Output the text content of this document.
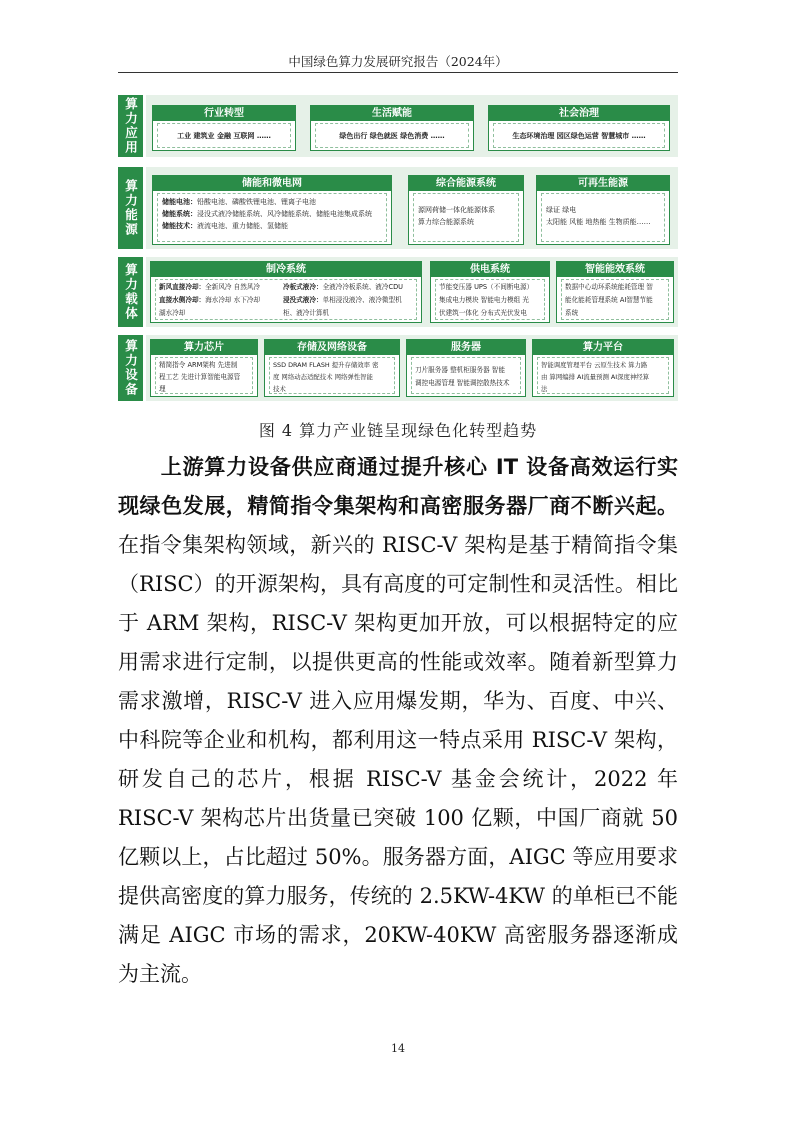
中国绿色算力发展研究报告（2024年）
算力应用	行业转型
工业 建筑业 金融 互联网 ……
生活赋能
绿色出行 绿色就医 绿色消费 ……
社会治理
生态环境治理 园区绿色运营 智慧城市 ……
算力能源	储能和微电网
储能电池：铅酸电池、磷酸铁锂电池、锂离子电池
储能系统：浸没式液冷储能系统、风冷储能系统、储能电池集成系统
储能技术：液流电池、重力储能、氢储能
综合能源系统
源网荷储一体化能源体系
算力综合能源系统
可再生能源
绿证 绿电
太阳能 风能 地热能 生物质能……
算力载体	制冷系统
新风直接冷却：全新风冷 自然风冷	冷板式液冷：全液冷冷板系统、液冷CDU
直接水侧冷却：海水冷却 水下冷却	浸没式液冷：单相浸没液冷、液冷微型机
湖水冷却	柜、液冷计算机
供电系统
节能变压器 UPS（不间断电源）
集成电力模块 智能电力模组 光
伏建筑一体化 分布式光伏发电
智能能效系统
数据中心动环系统能耗管理 智
能化能耗管理系统 AI智慧节能
系统
算力设备	算力芯片
精简指令 ARM架构 先进制
程工艺 先进计算智能电源管
理
存储及网络设备
SSD DRAM FLASH 提升存储效率 密
度 网络动态适配技术 网络弹性智能
技术
服务器
刀片服务器 整机柜服务器 智能
调控电源管理 智能调控散热技术
算力平台
智能调度管理平台 云原生技术 算力路
由 算网编排 AI流量预测 AI深度神经算
法
图 4 算力产业链呈现绿色化转型趋势

上游算力设备供应商通过提升核心 IT 设备高效运行实现绿色发展，精简指令集架构和高密服务器厂商不断兴起。在指令集架构领域，新兴的 RISC-V 架构是基于精简指令集（RISC）的开源架构，具有高度的可定制性和灵活性。相比于 ARM 架构，RISC-V 架构更加开放，可以根据特定的应用需求进行定制，以提供更高的性能或效率。随着新型算力需求激增，RISC-V 进入应用爆发期，华为、百度、中兴、中科院等企业和机构，都利用这一特点采用 RISC-V 架构，研发自己的芯片，根据 RISC-V 基金会统计，2022 年 RISC-V 架构芯片出货量已突破 100 亿颗，中国厂商就 50 亿颗以上，占比超过 50%。服务器方面，AIGC 等应用要求提供高密度的算力服务，传统的 2.5KW-4KW 的单柜已不能满足 AIGC 市场的需求，20KW-40KW 高密服务器逐渐成为主流。

14
